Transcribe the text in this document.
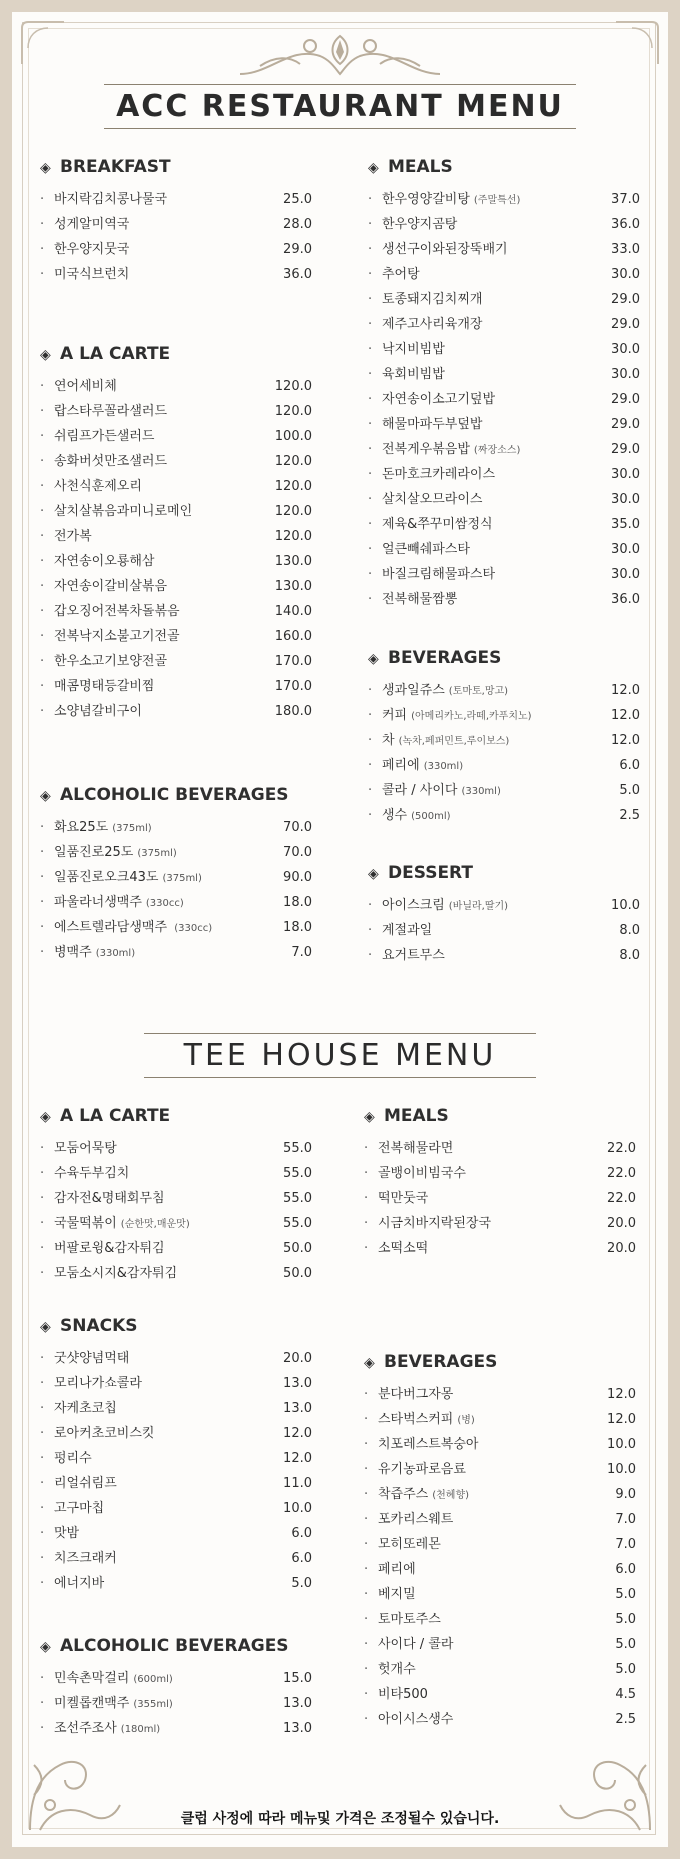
ACC RESTAURANT MENU
◈ BREAKFAST
· 바지락김치콩나물국	25.0
· 성게알미역국	28.0
· 한우양지뭇국	29.0
· 미국식브런치	36.0
◈ A LA CARTE
· 연어세비체	120.0
· 랍스타루꼴라샐러드	120.0
· 쉬림프가든샐러드	100.0
· 송화버섯만조샐러드	120.0
· 사천식훈제오리	120.0
· 살치살볶음과미니로메인	120.0
· 전가복	120.0
· 자연송이오룡해삼	130.0
· 자연송이갈비살볶음	130.0
· 갑오징어전복차돌볶음	140.0
· 전복낙지소불고기전골	160.0
· 한우소고기보양전골	170.0
· 매콤명태등갈비찜	170.0
· 소양념갈비구이	180.0
◈ ALCOHOLIC BEVERAGES
· 화요25도 (375ml)	70.0
· 일품진로25도 (375ml)	70.0
· 일품진로오크43도 (375ml)	90.0
· 파울라너생맥주 (330cc)	18.0
· 에스트렐라담생맥주 (330cc)	18.0
· 병맥주 (330ml)	7.0
◈ MEALS
· 한우영양갈비탕 (주말특선)	37.0
· 한우양지곰탕	36.0
· 생선구이와된장뚝배기	33.0
· 추어탕	30.0
· 토종돼지김치찌개	29.0
· 제주고사리육개장	29.0
· 낙지비빔밥	30.0
· 육회비빔밥	30.0
· 자연송이소고기덮밥	29.0
· 해물마파두부덮밥	29.0
· 전복게우볶음밥 (짜장소스)	29.0
· 돈마호크카레라이스	30.0
· 살치살오므라이스	30.0
· 제육&쭈꾸미쌈정식	35.0
· 얼큰빼쉐파스타	30.0
· 바질크림해물파스타	30.0
· 전복해물짬뽕	36.0
◈ BEVERAGES
· 생과일쥬스 (토마토,망고)	12.0
· 커피 (아메리카노,라떼,카푸치노)	12.0
· 차 (녹차,페퍼민트,루이보스)	12.0
· 페리에 (330ml)	6.0
· 콜라 / 사이다 (330ml)	5.0
· 생수 (500ml)	2.5
◈ DESSERT
· 아이스크림 (바닐라,딸기)	10.0
· 계절과일	8.0
· 요거트무스	8.0
TEE HOUSE MENU
◈ A LA CARTE
· 모둠어묵탕	55.0
· 수육두부김치	55.0
· 감자전&명태회무침	55.0
· 국물떡볶이 (순한맛,매운맛)	55.0
· 버팔로윙&감자튀김	50.0
· 모둠소시지&감자튀김	50.0
◈ SNACKS
· 굿샷양념먹태	20.0
· 모리나가쇼콜라	13.0
· 자케초코칩	13.0
· 로아커초코비스킷	12.0
· 펑리수	12.0
· 리얼쉬림프	11.0
· 고구마칩	10.0
· 맛밤	6.0
· 치즈크래커	6.0
· 에너지바	5.0
◈ ALCOHOLIC BEVERAGES
· 민속촌막걸리 (600ml)	15.0
· 미켈롭캔맥주 (355ml)	13.0
· 조선주조사 (180ml)	13.0
◈ MEALS
· 전복해물라면	22.0
· 골뱅이비빔국수	22.0
· 떡만둣국	22.0
· 시금치바지락된장국	20.0
· 소떡소떡	20.0
◈ BEVERAGES
· 분다버그자몽	12.0
· 스타벅스커피 (병)	12.0
· 치포레스트복숭아	10.0
· 유기농파로음료	10.0
· 착즙주스 (천혜향)	9.0
· 포카리스웨트	7.0
· 모히또레몬	7.0
· 페리에	6.0
· 베지밀	5.0
· 토마토주스	5.0
· 사이다 / 콜라	5.0
· 헛개수	5.0
· 비타500	4.5
· 아이시스생수	2.5
클럽 사정에 따라 메뉴및 가격은 조정될수 있습니다.
